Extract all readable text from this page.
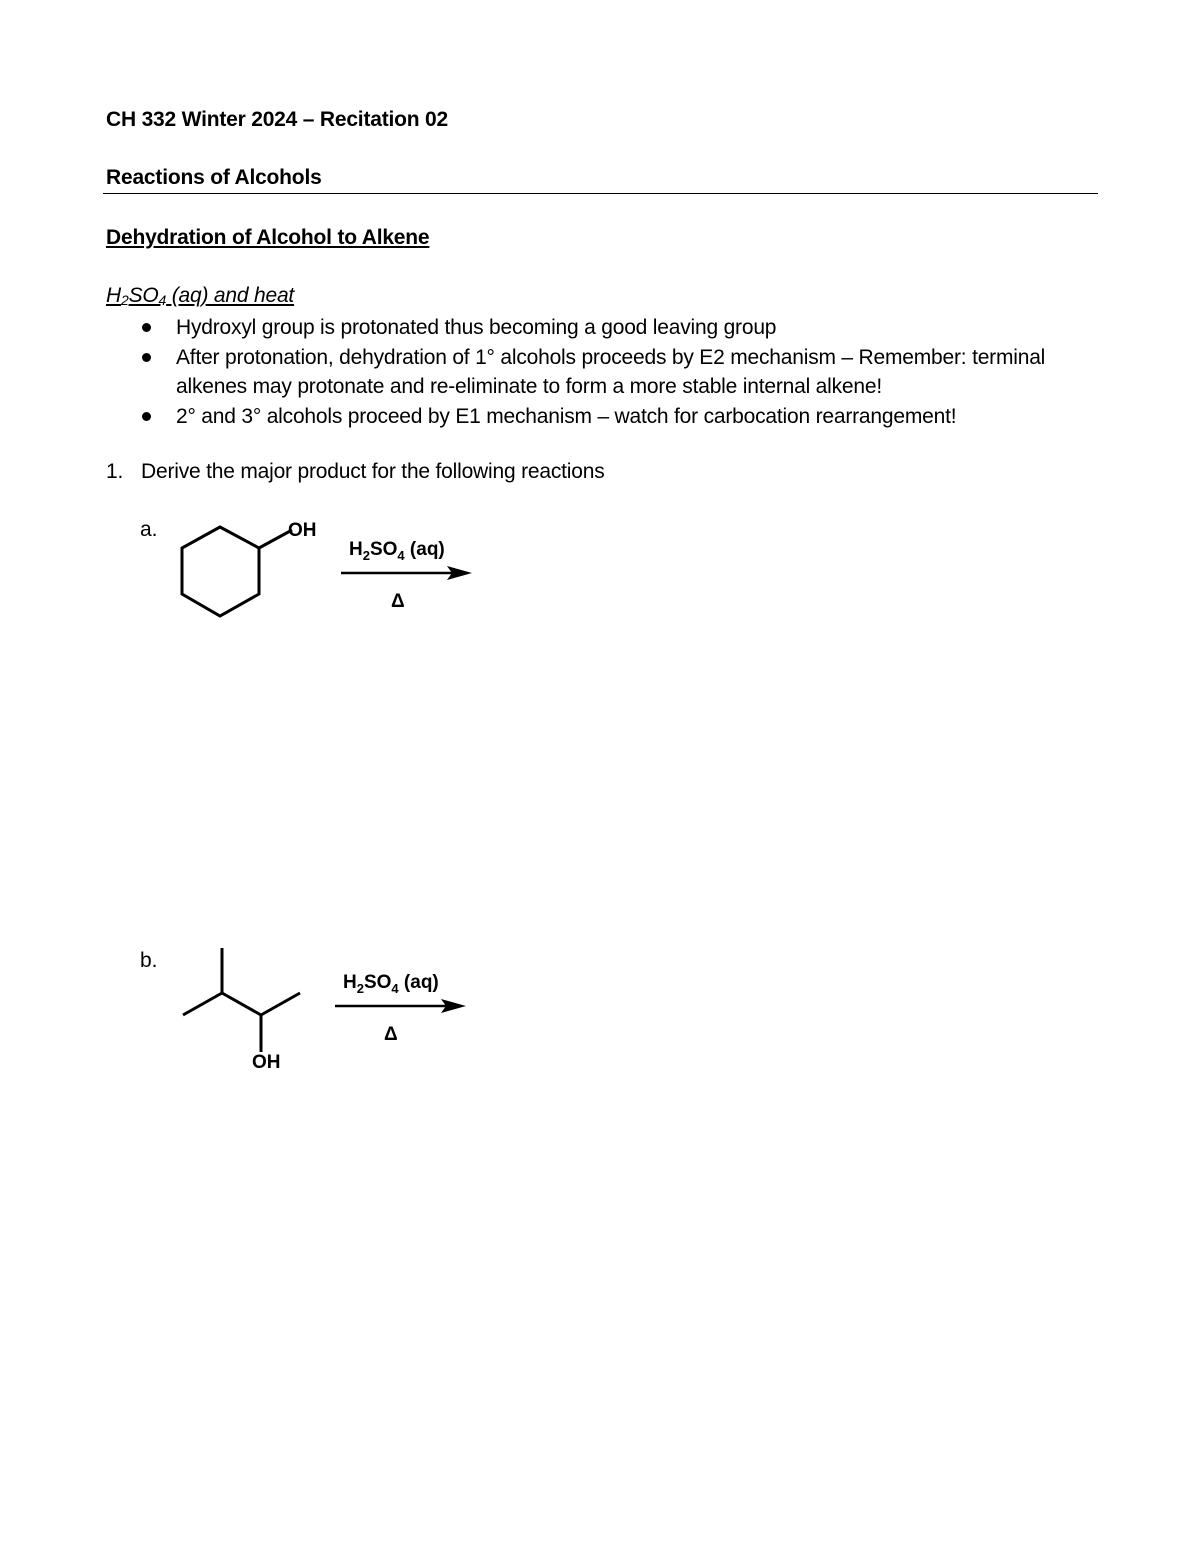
CH 332 Winter 2024 – Recitation 02
Reactions of Alcohols
Dehydration of Alcohol to Alkene
$H_2SO_4$ (aq) and heat
Hydroxyl group is protonated thus becoming a good leaving group
After protonation, dehydration of 1° alcohols proceeds by E2 mechanism – Remember: terminal alkenes may protonate and re-eliminate to form a more stable internal alkene!
2° and 3° alcohols proceed by E1 mechanism – watch for carbocation rearrangement!
1. Derive the major product for the following reactions
a.	OH
$H_2SO_4$ (aq)
Δ
b.
OH
$H_2SO_4$ (aq)
Δ
